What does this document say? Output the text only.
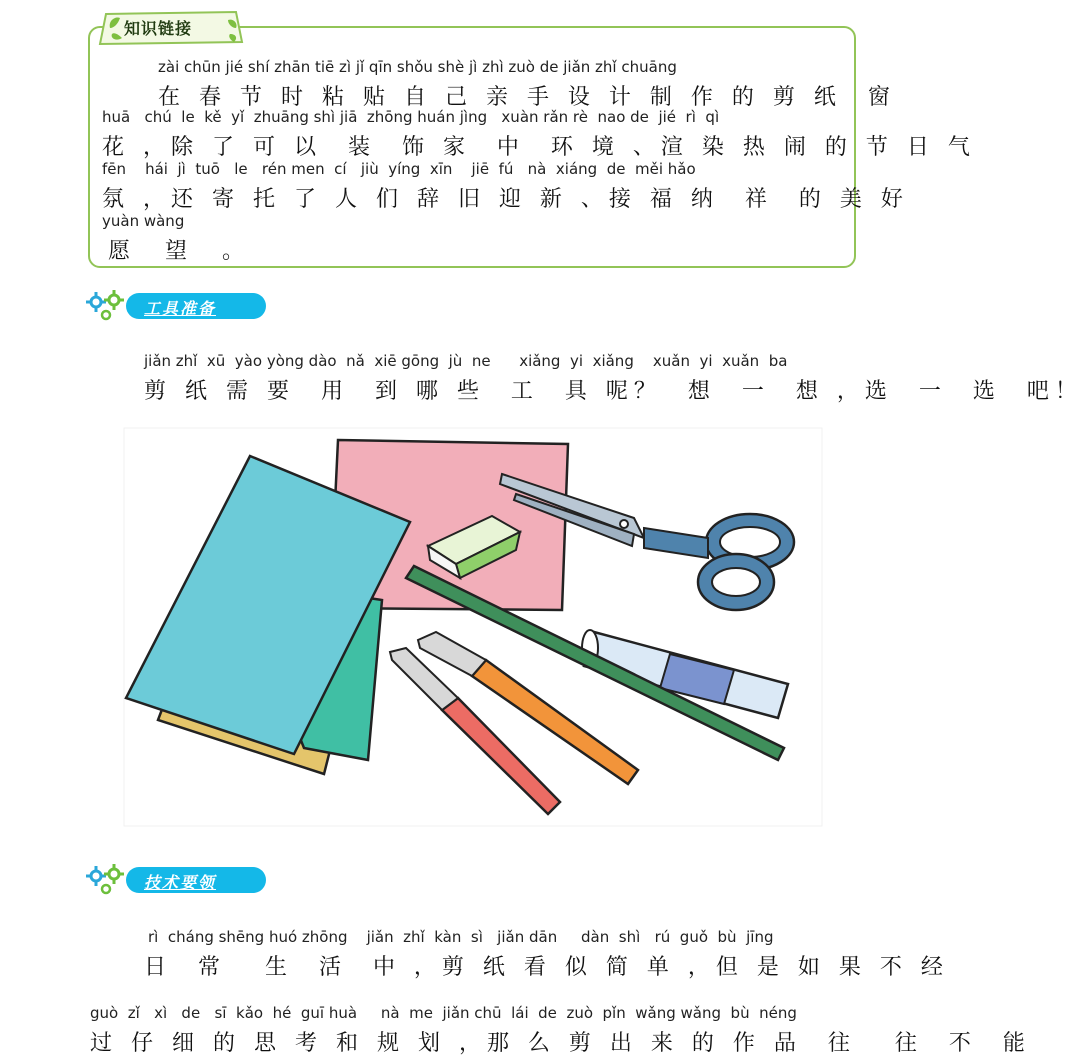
知识链接
zài chūn jié shí zhān tiē zì jǐ qīn shǒu shè jì zhì zuò de jiǎn zhǐ chuāng
在 春 节 时 粘 贴 自 己 亲 手 设 计 制 作 的 剪 纸  窗
huā   chú  le  kě  yǐ  zhuāng shì jiā  zhōng huán jìng   xuàn rǎn rè  nao de  jié  rì  qì
花 ，除 了 可 以  装  饰 家  中  环 境 、渲 染 热 闹 的 节 日 气
fēn    hái  jì  tuō   le   rén men  cí   jiù  yíng  xīn    jiē  fú   nà  xiáng  de  měi hǎo
氛 ，还 寄 托 了 人 们 辞 旧 迎 新 、接 福 纳  祥  的 美 好
yuàn wàng
愿 望 。
工具准备
jiǎn zhǐ  xū  yào yòng dào  nǎ  xiē gōng  jù  ne      xiǎng  yi  xiǎng    xuǎn  yi  xuǎn  ba
剪 纸 需 要  用  到 哪 些  工  具 呢？  想  一  想 ，选  一  选  吧！
技术要领
rì  cháng shēng huó zhōng    jiǎn  zhǐ  kàn  sì   jiǎn dān     dàn  shì   rú  guǒ  bù  jīng
日  常   生  活  中 ，剪 纸 看 似 简 单 ，但 是 如 果 不 经
guò  zǐ   xì   de   sī  kǎo  hé  guī huà     nà  me  jiǎn chū  lái  de  zuò  pǐn  wǎng wǎng  bù  néng
过 仔 细 的 思 考 和 规 划 ，那 么 剪 出 来 的 作 品  往   往  不  能
